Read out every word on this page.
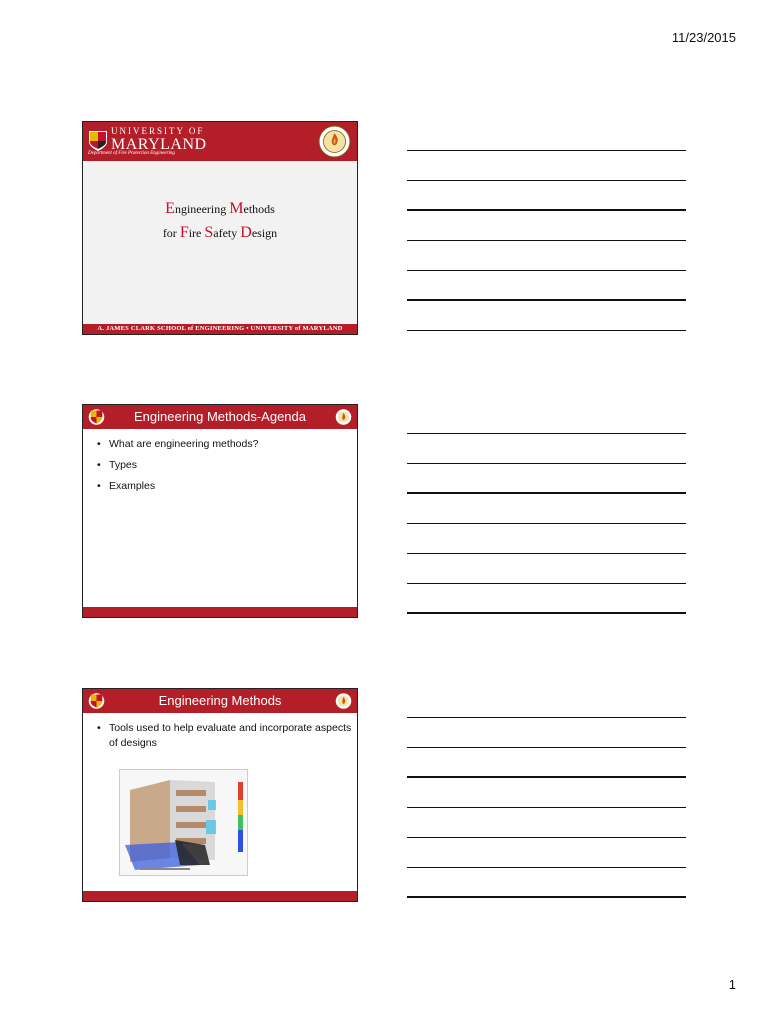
11/23/2015
UNIVERSITY OF
MARYLAND
Department of Fire Protection Engineering
Engineering Methods
for Fire Safety Design
A. JAMES CLARK SCHOOL of ENGINEERING • UNIVERSITY of MARYLAND
Engineering Methods-Agenda
• What are engineering methods?
• Types
• Examples
Engineering Methods
• Tools used to help evaluate and incorporate aspects of designs
1
